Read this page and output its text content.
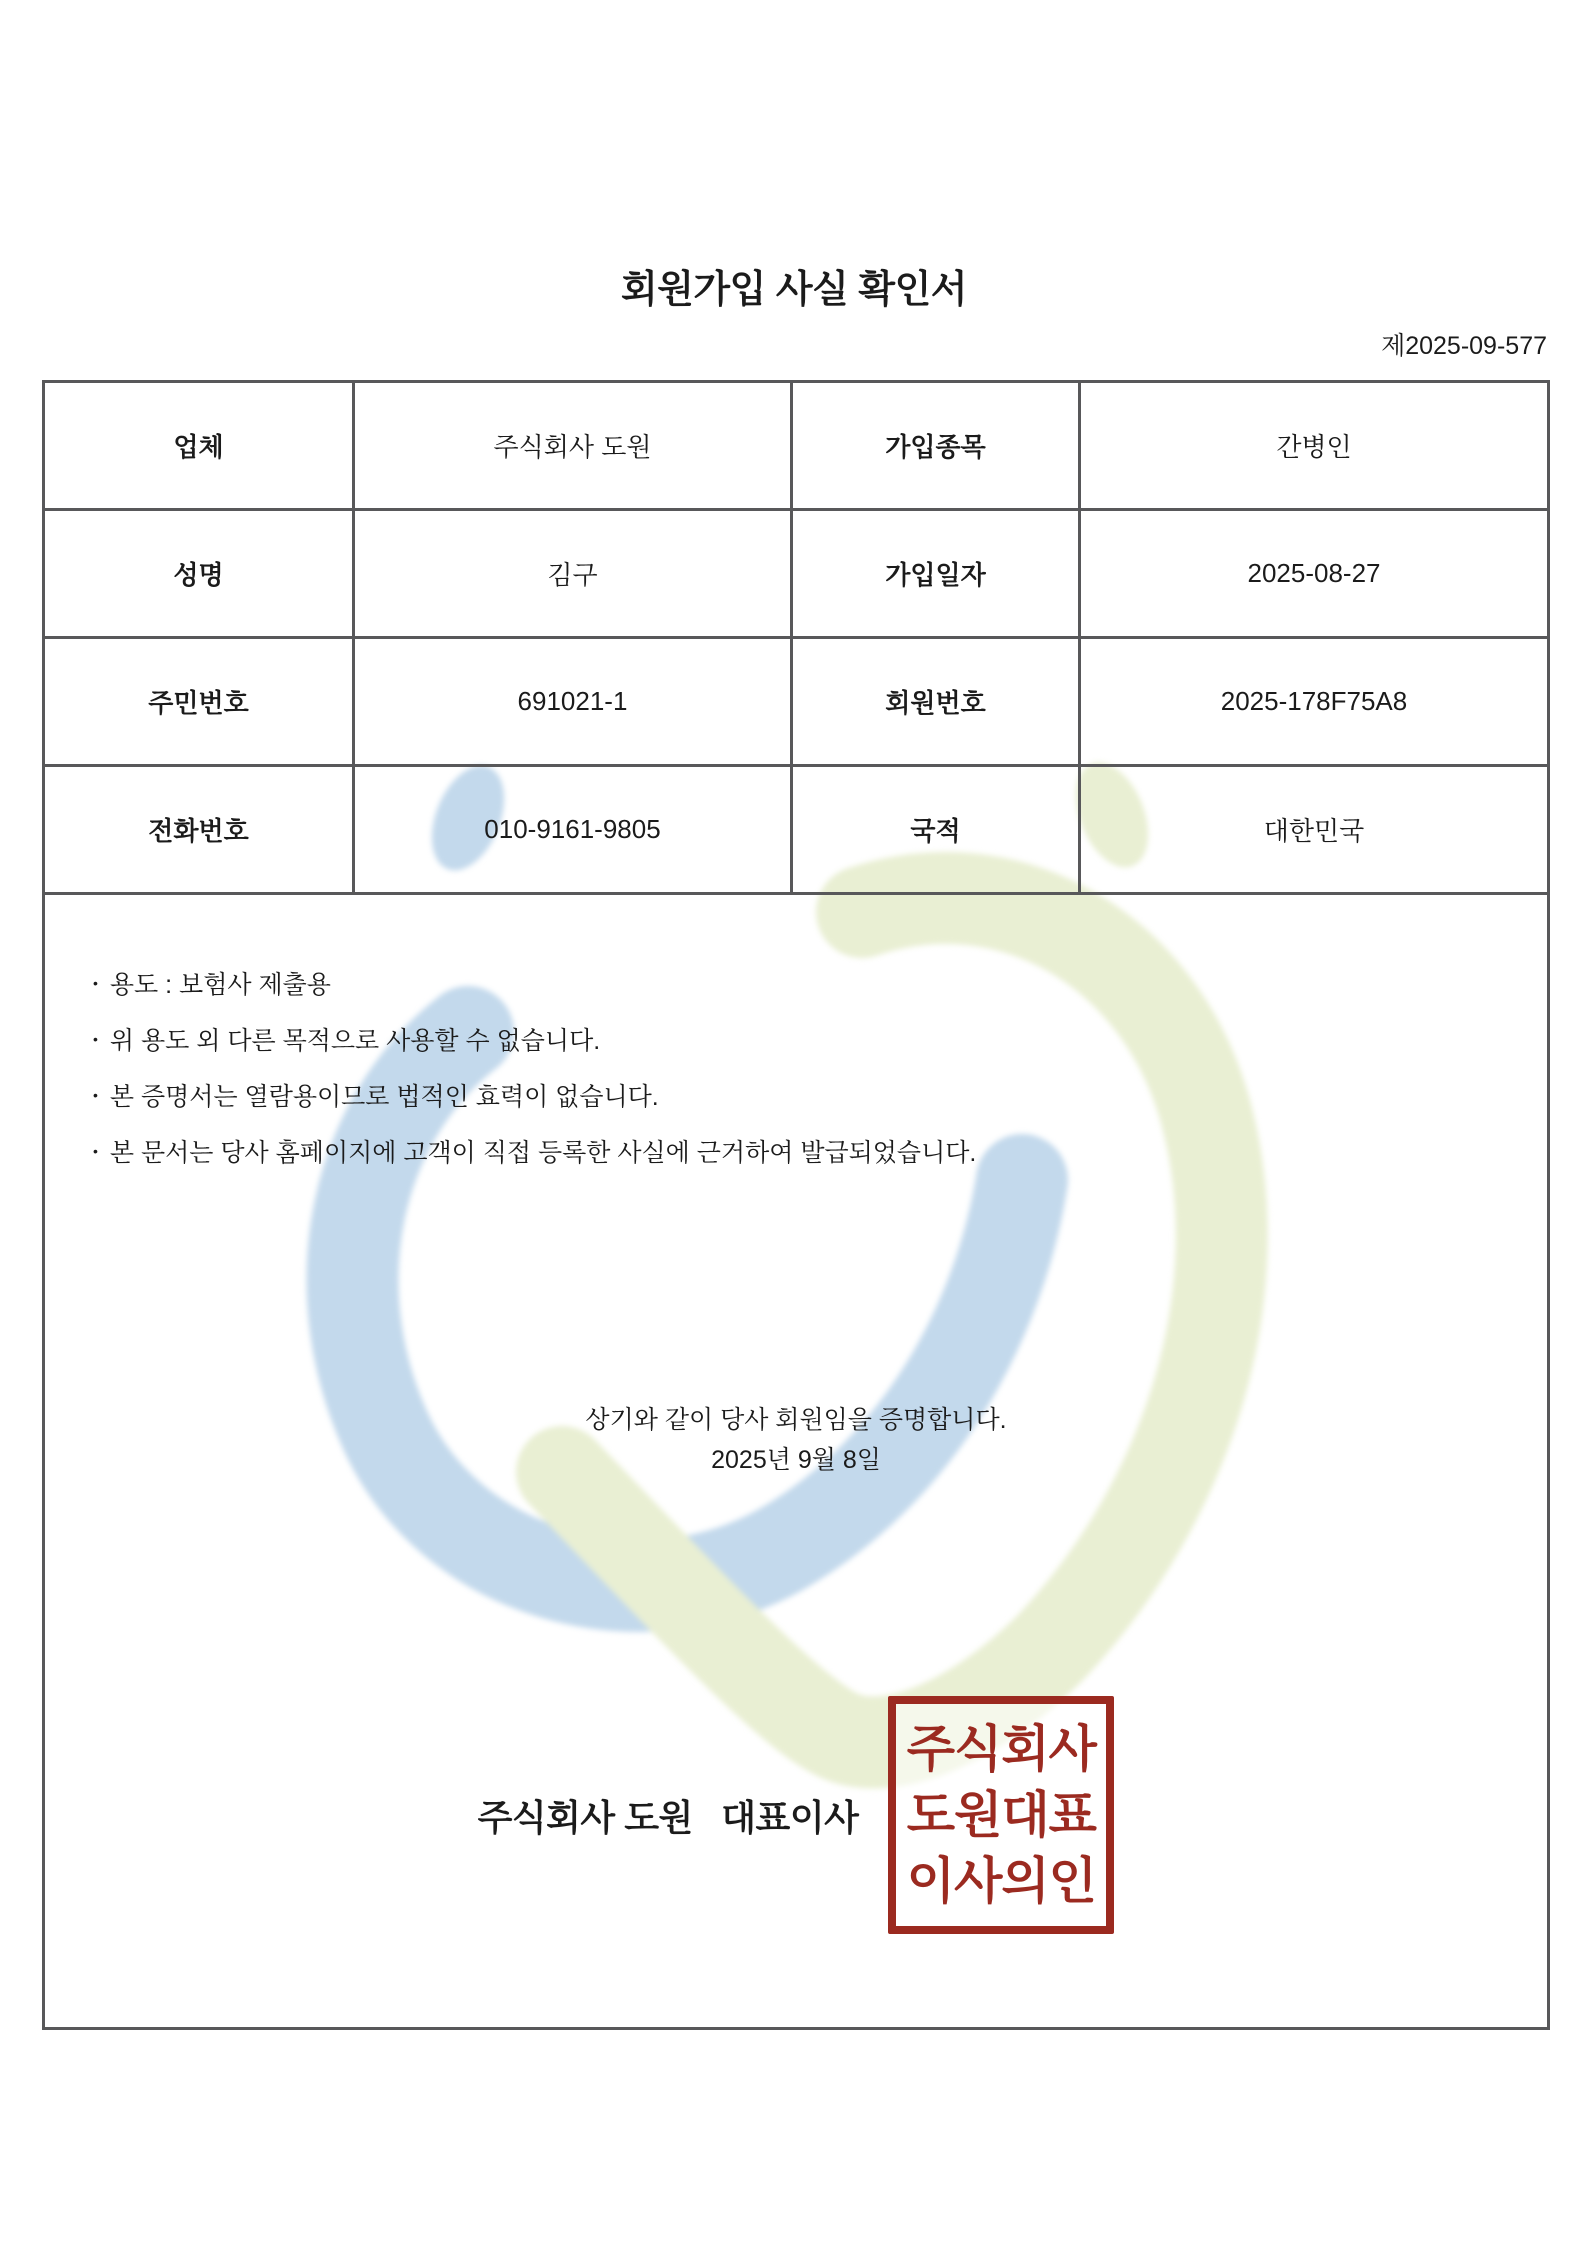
회원가입 사실 확인서
제2025-09-577
업체	주식회사 도원	가입종목	간병인
성명	김구	가입일자	2025-08-27
주민번호	691021-1	회원번호	2025-178F75A8
전화번호	010-9161-9805	국적	대한민국

• 용도 : 보험사 제출용
• 위 용도 외 다른 목적으로 사용할 수 없습니다.
• 본 증명서는 열람용이므로 법적인 효력이 없습니다.
• 본 문서는 당사 홈페이지에 고객이 직접 등록한 사실에 근거하여 발급되었습니다.
상기와 같이 당사 회원임을 증명합니다.
2025년 9월 8일
주식회사 도원   대표이사
주식회사
도원대표
이사의인
